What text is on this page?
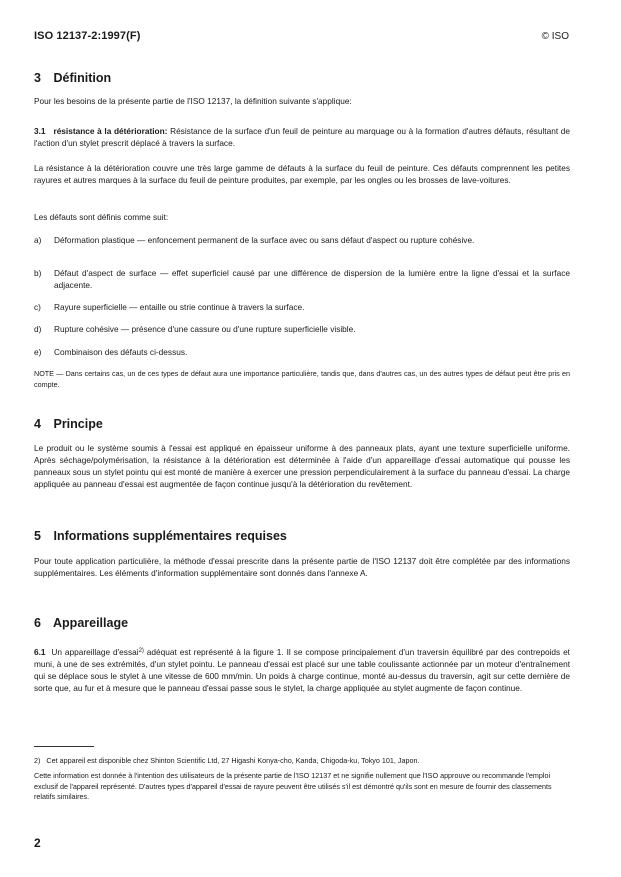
ISO 12137-2:1997(F)	© ISO
3 Définition

Pour les besoins de la présente partie de l'ISO 12137, la définition suivante s'applique:

3.1 résistance à la détérioration: Résistance de la surface d'un feuil de peinture au marquage ou à la formation d'autres défauts, résultant de l'action d'un stylet prescrit déplacé à travers la surface.

La résistance à la détérioration couvre une très large gamme de défauts à la surface du feuil de peinture. Ces défauts comprennent les petites rayures et autres marques à la surface du feuil de peinture produites, par exemple, par les ongles ou les brosses de lave-voitures.

Les défauts sont définis comme suit:

a) Déformation plastique — enfoncement permanent de la surface avec ou sans défaut d'aspect ou rupture cohésive.
b) Défaut d'aspect de surface — effet superficiel causé par une différence de dispersion de la lumière entre la ligne d'essai et la surface adjacente.
c) Rayure superficielle — entaille ou strie continue à travers la surface.
d) Rupture cohésive — présence d'une cassure ou d'une rupture superficielle visible.
e) Combinaison des défauts ci-dessus.

NOTE — Dans certains cas, un de ces types de défaut aura une importance particulière, tandis que, dans d'autres cas, un des autres types de défaut peut être pris en compte.

4 Principe

Le produit ou le système soumis à l'essai est appliqué en épaisseur uniforme à des panneaux plats, ayant une texture superficielle uniforme. Après séchage/polymérisation, la résistance à la détérioration est déterminée à l'aide d'un appareillage d'essai automatique qui pousse les panneaux sous un stylet pointu qui est monté de manière à exercer une pression perpendiculairement à la surface du panneau d'essai. La charge appliquée au panneau d'essai est augmentée de façon continue jusqu'à la détérioration du revêtement.

5 Informations supplémentaires requises

Pour toute application particulière, la méthode d'essai prescrite dans la présente partie de l'ISO 12137 doit être complétée par des informations supplémentaires. Les éléments d'information supplémentaire sont donnés dans l'annexe A.

6 Appareillage

6.1 Un appareillage d'essai$^{2)}$ adéquat est représenté à la figure 1. Il se compose principalement d'un traversin équilibré par des contrepoids et muni, à une de ses extrémités, d'un stylet pointu. Le panneau d'essai est placé sur une table coulissante actionnée par un moteur d'entraînement qui se déplace sous le stylet à une vitesse de 600 mm/min. Un poids à charge continue, monté au-dessus du traversin, agit sur cette dernière de sorte que, au fur et à mesure que le panneau d'essai passe sous le stylet, la charge appliquée au stylet augmente de façon continue.

2) Cet appareil est disponible chez Shinton Scientific Ltd, 27 Higashi Konya-cho, Kanda, Chigoda-ku, Tokyo 101, Japon.

Cette information est donnée à l'intention des utilisateurs de la présente partie de l'ISO 12137 et ne signifie nullement que l'ISO approuve ou recommande l'emploi exclusif de l'appareil représenté. D'autres types d'appareil d'essai de rayure peuvent être utilisés s'il est démontré qu'ils sont en mesure de fournir des classements relatifs similaires.

2
